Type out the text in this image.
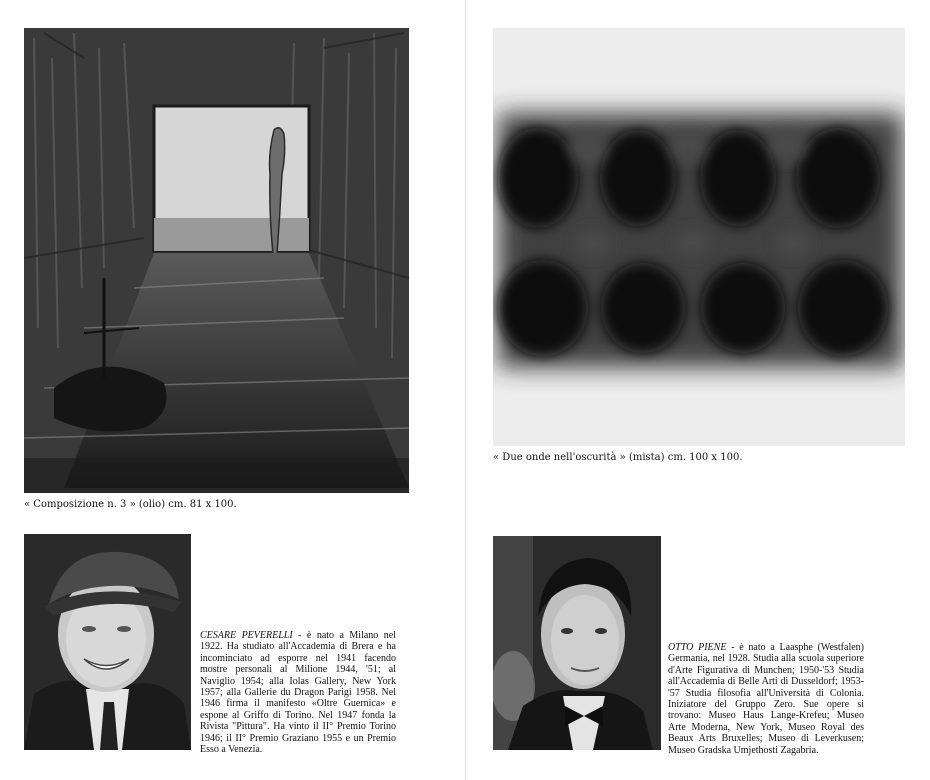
« Composizione n. 3 » (olio) cm. 81 x 100.
CESARE PEVERELLI - è nato a Milano nel 1922. Ha studiato all'Accademia di Brera e ha incominciato ad esporre nel 1941 facendo mostre personali al Milione 1944, '51; al Naviglio 1954; alla Iolas Gallery, New York 1957; alla Gallerie du Dragon Parigi 1958. Nel 1946 firma il manifesto «Oltre Guernica» e espone al Griffo di Torino. Nel 1947 fonda la Rivista "Pittura". Ha vinto il II° Premio Torino 1946; il II° Premio Graziano 1955 e un Premio Esso a Venezia.
« Due onde nell'oscurità » (mista) cm. 100 x 100.
OTTO PIENE - è nato a Laasphe (Westfalen) Germania, nel 1928. Studia alla scuola superiore d'Arte Figurativa di Munchen; 1950-'53 Studia all'Accademia di Belle Arti di Dusseldorf; 1953-'57 Studia filosofia all'Università di Colonia. Iniziatore del Gruppo Zero. Sue opere si trovano: Museo Haus Lange-Krefeu; Museo Arte Moderna, New York, Museo Royal des Beaux Arts Bruxelles; Museo di Leverkusen; Museo Gradska Umjethosti Zagabria.
